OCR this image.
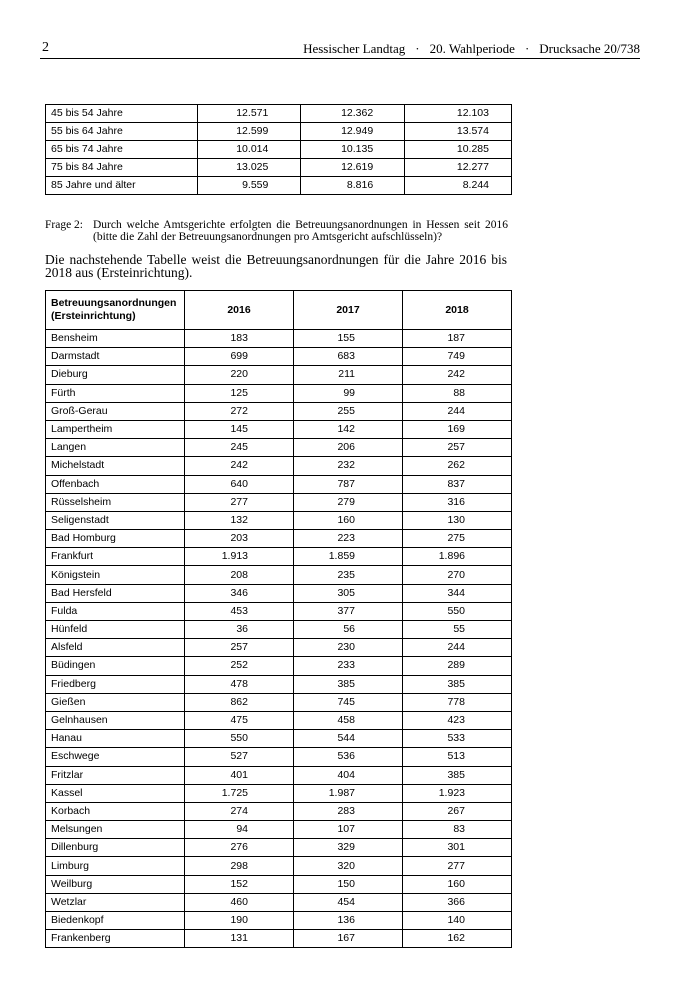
2	Hessischer Landtag · 20. Wahlperiode · Drucksache 20/738
45 bis 54 Jahre	12.571	12.362	12.103
55 bis 64 Jahre	12.599	12.949	13.574
65 bis 74 Jahre	10.014	10.135	10.285
75 bis 84 Jahre	13.025	12.619	12.277
85 Jahre und älter	9.559	8.816	8.244
Frage 2: Durch welche Amtsgerichte erfolgten die Betreuungsanordnungen in Hessen seit 2016 (bitte die Zahl der Betreuungsanordnungen pro Amtsgericht aufschlüsseln)?
Die nachstehende Tabelle weist die Betreuungsanordnungen für die Jahre 2016 bis 2018 aus (Ersteinrichtung).
Betreuungsanordnungen
(Ersteinrichtung)	2016	2017	2018
Bensheim	183	155	187
Darmstadt	699	683	749
Dieburg	220	211	242
Fürth	125	99	88
Groß-Gerau	272	255	244
Lampertheim	145	142	169
Langen	245	206	257
Michelstadt	242	232	262
Offenbach	640	787	837
Rüsselsheim	277	279	316
Seligenstadt	132	160	130
Bad Homburg	203	223	275
Frankfurt	1.913	1.859	1.896
Königstein	208	235	270
Bad Hersfeld	346	305	344
Fulda	453	377	550
Hünfeld	36	56	55
Alsfeld	257	230	244
Büdingen	252	233	289
Friedberg	478	385	385
Gießen	862	745	778
Gelnhausen	475	458	423
Hanau	550	544	533
Eschwege	527	536	513
Fritzlar	401	404	385
Kassel	1.725	1.987	1.923
Korbach	274	283	267
Melsungen	94	107	83
Dillenburg	276	329	301
Limburg	298	320	277
Weilburg	152	150	160
Wetzlar	460	454	366
Biedenkopf	190	136	140
Frankenberg	131	167	162
